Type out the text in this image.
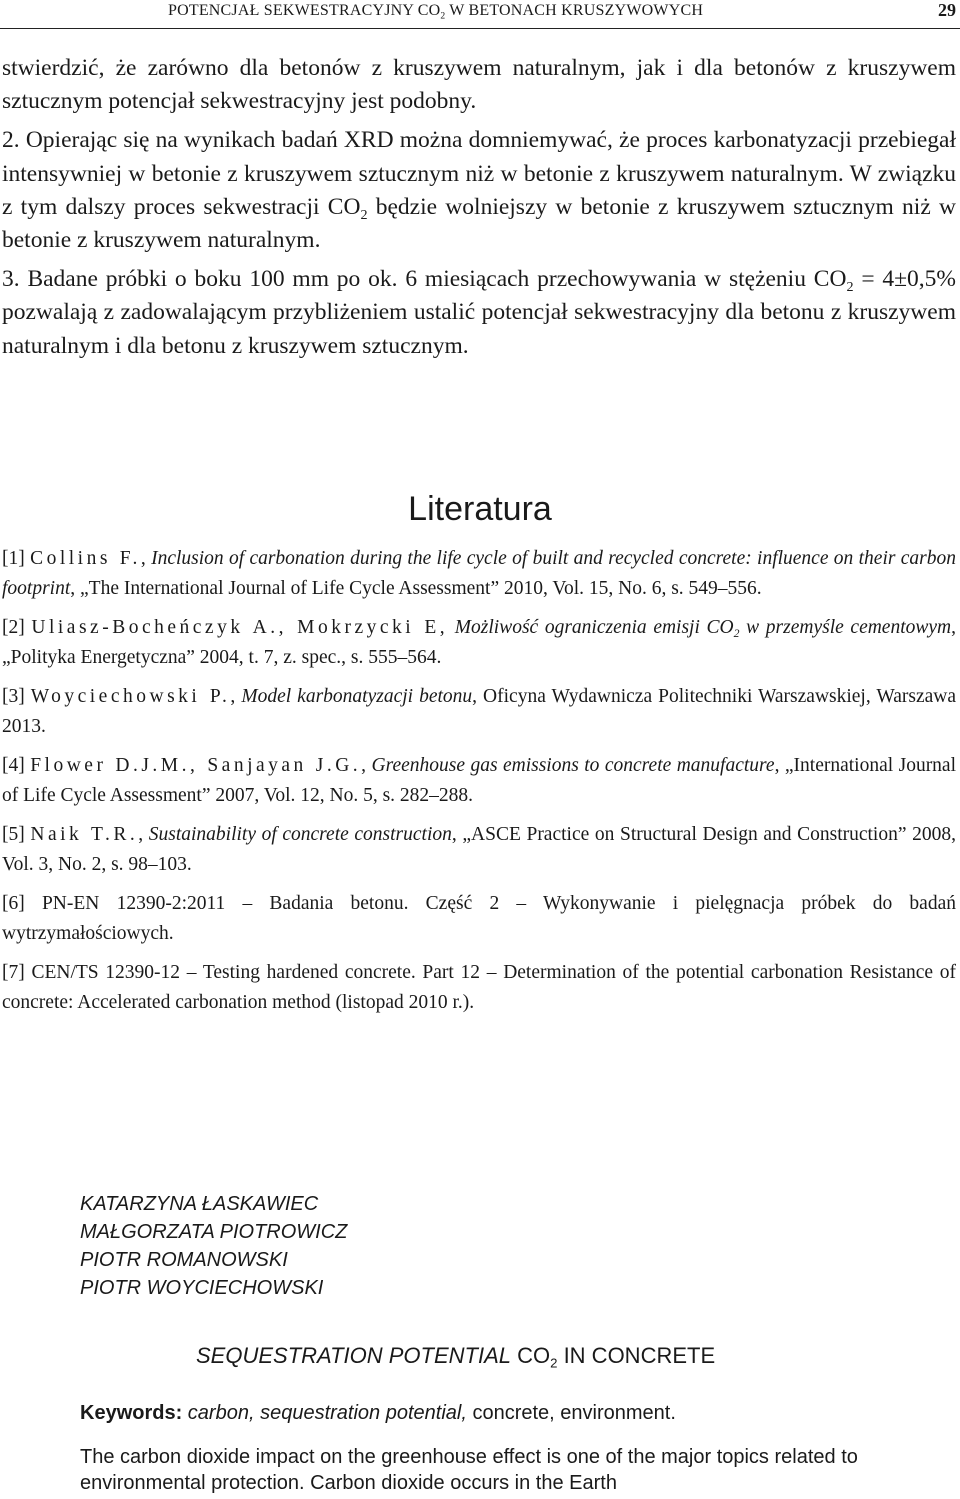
POTENCJAŁ SEKWESTRACYJNY $CO_2$ W BETONACH KRUSZYWOWYCH	29

stwierdzić, że zarówno dla betonów z kruszywem naturalnym, jak i dla betonów z kruszywem sztucznym potencjał sekwestracyjny jest podobny.

2. Opierając się na wynikach badań XRD można domniemywać, że proces karbonatyzacji przebiegał intensywniej w betonie z kruszywem sztucznym niż w betonie z kruszywem naturalnym. W związku z tym dalszy proces sekwestracji $CO_2$ będzie wolniejszy w betonie z kruszywem sztucznym niż w betonie z kruszywem naturalnym.

3. Badane próbki o boku 100 mm po ok. 6 miesiącach przechowywania w stężeniu $CO_2 = 4\pm 0,5\%$ pozwalają z zadowalającym przybliżeniem ustalić potencjał sekwestracyjny dla betonu z kruszywem naturalnym i dla betonu z kruszywem sztucznym.

Literatura
[1] Collins F., Inclusion of carbonation during the life cycle of built and recycled concrete: influence on their carbon footprint, „The International Journal of Life Cycle Assessment” 2010, Vol. 15, No. 6, s. 549–556.
[2] Uliasz-Bocheńczyk A., Mokrzycki E, Możliwość ograniczenia emisji $CO_2$ w przemyśle cementowym, „Polityka Energetyczna” 2004, t. 7, z. spec., s. 555–564.
[3] Woyciechowski P., Model karbonatyzacji betonu, Oficyna Wydawnicza Politechniki Warszawskiej, Warszawa 2013.
[4] Flower D.J.M., Sanjayan J.G., Greenhouse gas emissions to concrete manufacture, „International Journal of Life Cycle Assessment” 2007, Vol. 12, No. 5, s. 282–288.
[5] Naik T.R., Sustainability of concrete construction, „ASCE Practice on Structural Design and Construction” 2008, Vol. 3, No. 2, s. 98–103.
[6] PN-EN 12390-2:2011 – Badania betonu. Część 2 – Wykonywanie i pielęgnacja próbek do badań wytrzymałościowych.
[7] CEN/TS 12390-12 – Testing hardened concrete. Part 12 – Determination of the potential carbonation Resistance of concrete: Accelerated carbonation method (listopad 2010 r.).
KATARZYNA ŁASKAWIEC
MAŁGORZATA PIOTROWICZ
PIOTR ROMANOWSKI
PIOTR WOYCIECHOWSKI
SEQUESTRATION POTENTIAL $CO_2$ IN CONCRETE
Keywords: carbon, sequestration potential, concrete, environment.
The carbon dioxide impact on the greenhouse effect is one of the major topics related to environmental protection. Carbon dioxide occurs in the Earth
